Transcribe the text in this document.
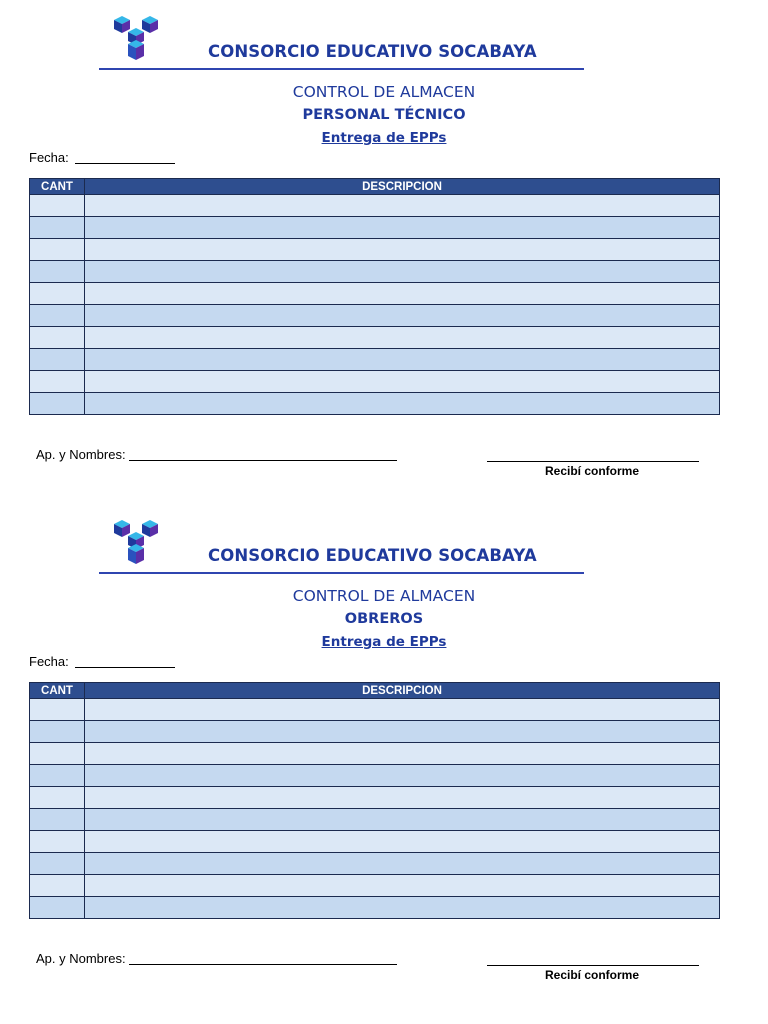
CONSORCIO EDUCATIVO SOCABAYA
CONTROL DE ALMACEN
PERSONAL TÉCNICO
Entrega de EPPs
Fecha:
CANT	DESCRIPCION

Ap. y Nombres:
Recibí conforme
CONSORCIO EDUCATIVO SOCABAYA
CONTROL DE ALMACEN
OBREROS
Entrega de EPPs
Fecha:
CANT	DESCRIPCION

Ap. y Nombres:
Recibí conforme
